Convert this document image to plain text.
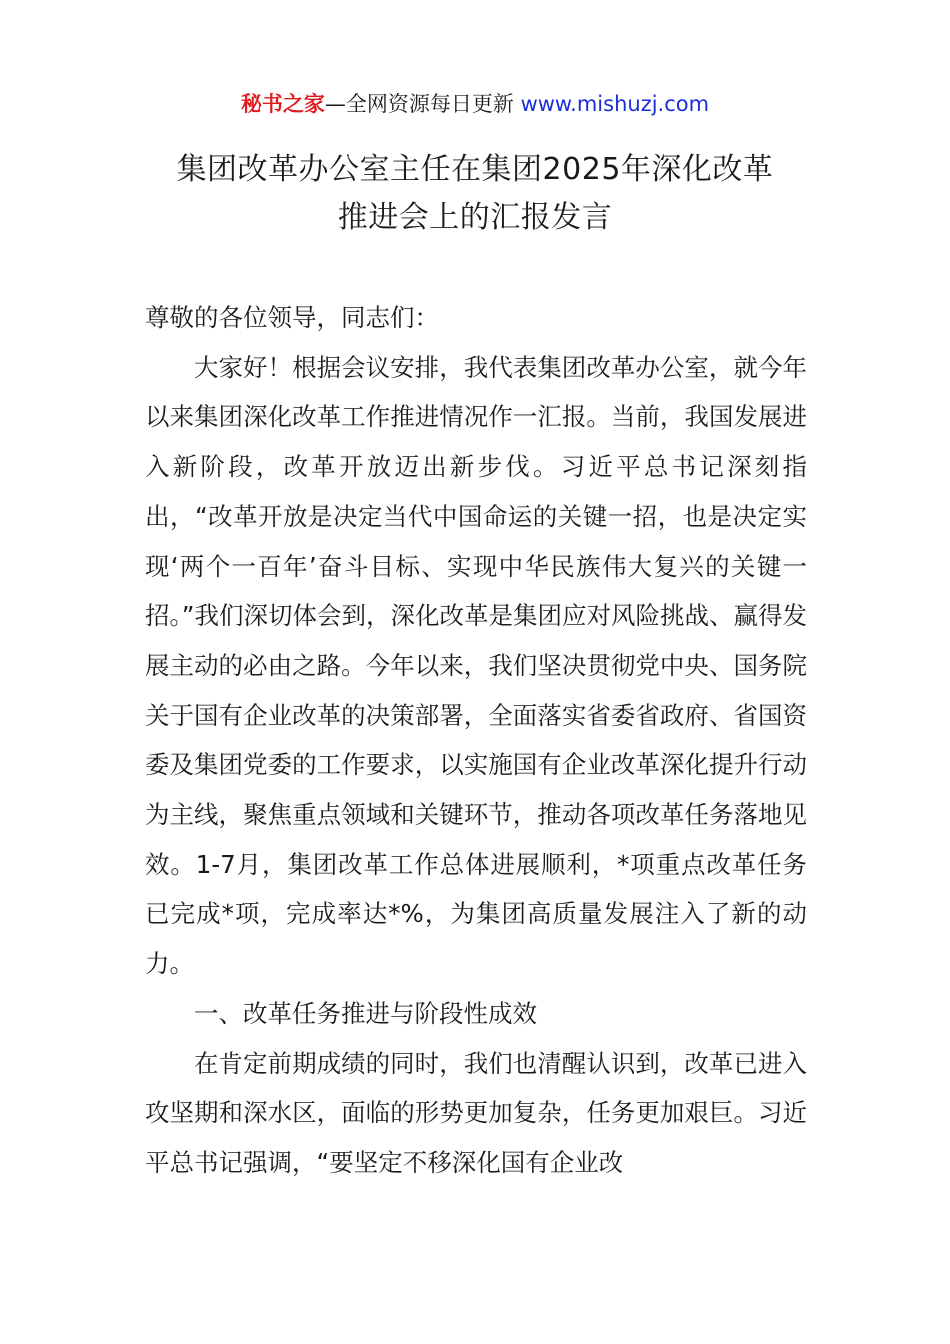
秘书之家—全网资源每日更新 www.mishuzj.com
集团改革办公室主任在集团2025年深化改革
推进会上的汇报发言

尊敬的各位领导，同志们：

大家好！根据会议安排，我代表集团改革办公室，就今年以来集团深化改革工作推进情况作一汇报。当前，我国发展进入新阶段，改革开放迈出新步伐。习近平总书记深刻指出，“改革开放是决定当代中国命运的关键一招，也是决定实现‘两个一百年’奋斗目标、实现中华民族伟大复兴的关键一招。”我们深切体会到，深化改革是集团应对风险挑战、赢得发展主动的必由之路。今年以来，我们坚决贯彻党中央、国务院关于国有企业改革的决策部署，全面落实省委省政府、省国资委及集团党委的工作要求，以实施国有企业改革深化提升行动为主线，聚焦重点领域和关键环节，推动各项改革任务落地见效。1-7月，集团改革工作总体进展顺利，*项重点改革任务已完成*项，完成率达*%，为集团高质量发展注入了新的动力。

一、改革任务推进与阶段性成效

在肯定前期成绩的同时，我们也清醒认识到，改革已进入攻坚期和深水区，面临的形势更加复杂，任务更加艰巨。习近平总书记强调，“要坚定不移深化国有企业改
